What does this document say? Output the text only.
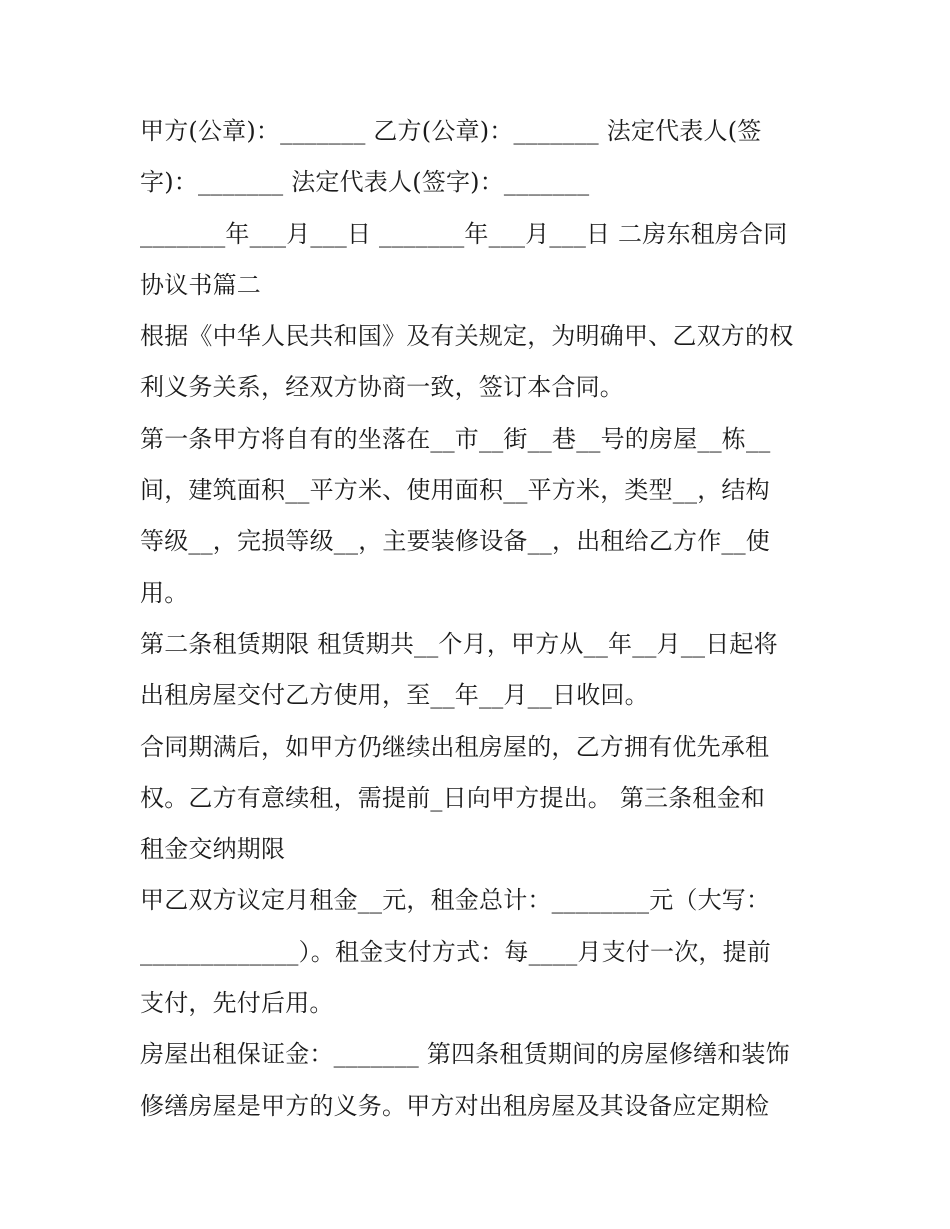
甲方(公章)：_______ 乙方(公章)：_______ 法定代表人(签
字)：_______ 法定代表人(签字)：_______
_______年___月___日 _______年___月___日 二房东租房合同
协议书篇二
根据《中华人民共和国》及有关规定，为明确甲、乙双方的权
利义务关系，经双方协商一致，签订本合同。
第一条甲方将自有的坐落在__市__街__巷__号的房屋__栋__
间，建筑面积__平方米、使用面积__平方米，类型__，结构
等级__，完损等级__，主要装修设备__，出租给乙方作__使
用。
第二条租赁期限 租赁期共__个月，甲方从__年__月__日起将
出租房屋交付乙方使用，至__年__月__日收回。
合同期满后，如甲方仍继续出租房屋的，乙方拥有优先承租
权。乙方有意续租，需提前_日向甲方提出。 第三条租金和
租金交纳期限
甲乙双方议定月租金__元，租金总计：________元（大写：
_____________）。租金支付方式：每____月支付一次，提前
支付，先付后用。
房屋出租保证金：_______ 第四条租赁期间的房屋修缮和装饰
修缮房屋是甲方的义务。甲方对出租房屋及其设备应定期检
